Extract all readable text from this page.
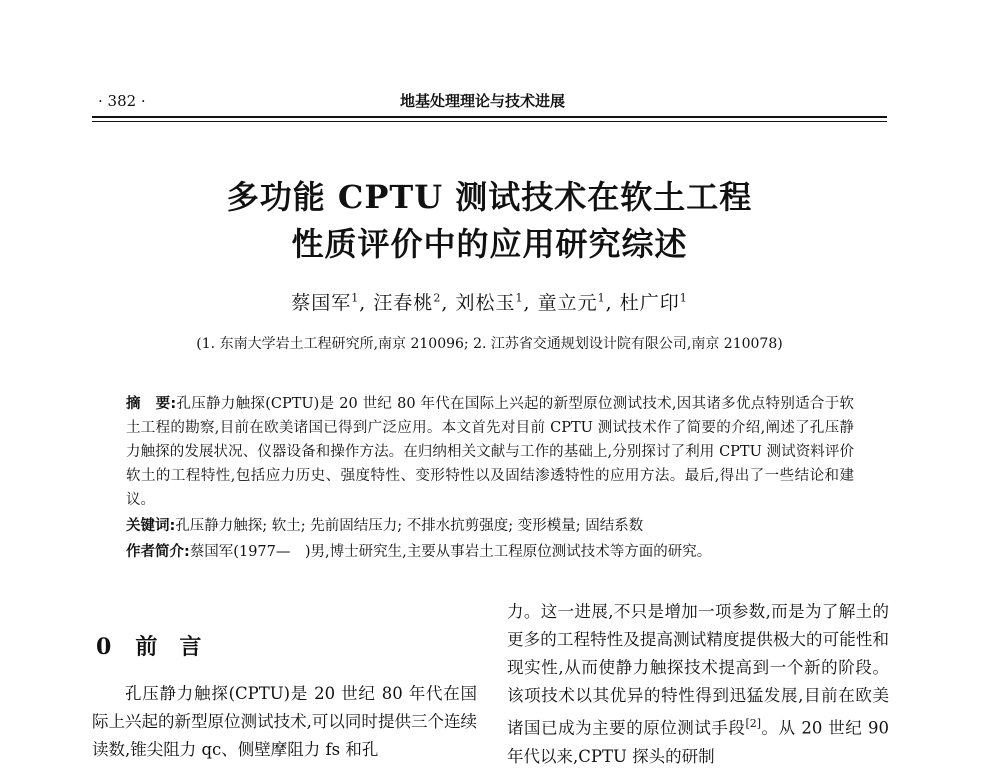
· 382 ·	地基处理理论与技术进展
多功能 CPTU 测试技术在软土工程
性质评价中的应用研究综述
蔡国军$^1$, 汪春桃$^2$, 刘松玉$^1$, 童立元$^1$, 杜广印$^1$
(1. 东南大学岩土工程研究所,南京 210096; 2. 江苏省交通规划设计院有限公司,南京 210078)
摘　要:孔压静力触探(CPTU)是 20 世纪 80 年代在国际上兴起的新型原位测试技术,因其诸多优点特别适合于软土工程的勘察,目前在欧美诸国已得到广泛应用。本文首先对目前 CPTU 测试技术作了简要的介绍,阐述了孔压静力触探的发展状况、仪器设备和操作方法。在归纳相关文献与工作的基础上,分别探讨了利用 CPTU 测试资料评价软土的工程特性,包括应力历史、强度特性、变形特性以及固结渗透特性的应用方法。最后,得出了一些结论和建议。
关键词:孔压静力触探; 软土; 先前固结压力; 不排水抗剪强度; 变形模量; 固结系数
作者简介:蔡国军(1977—　)男,博士研究生,主要从事岩土工程原位测试技术等方面的研究。
0 前言

孔压静力触探(CPTU)是 20 世纪 80 年代在国际上兴起的新型原位测试技术,可以同时提供三个连续读数,锥尖阻力 qc、侧壁摩阻力 fs 和孔

力。这一进展,不只是增加一项参数,而是为了解土的更多的工程特性及提高测试精度提供极大的可能性和现实性,从而使静力触探技术提高到一个新的阶段。该项技术以其优异的特性得到迅猛发展,目前在欧美诸国已成为主要的原位测试手段[2]。从 20 世纪 90 年代以来,CPTU 探头的研制
